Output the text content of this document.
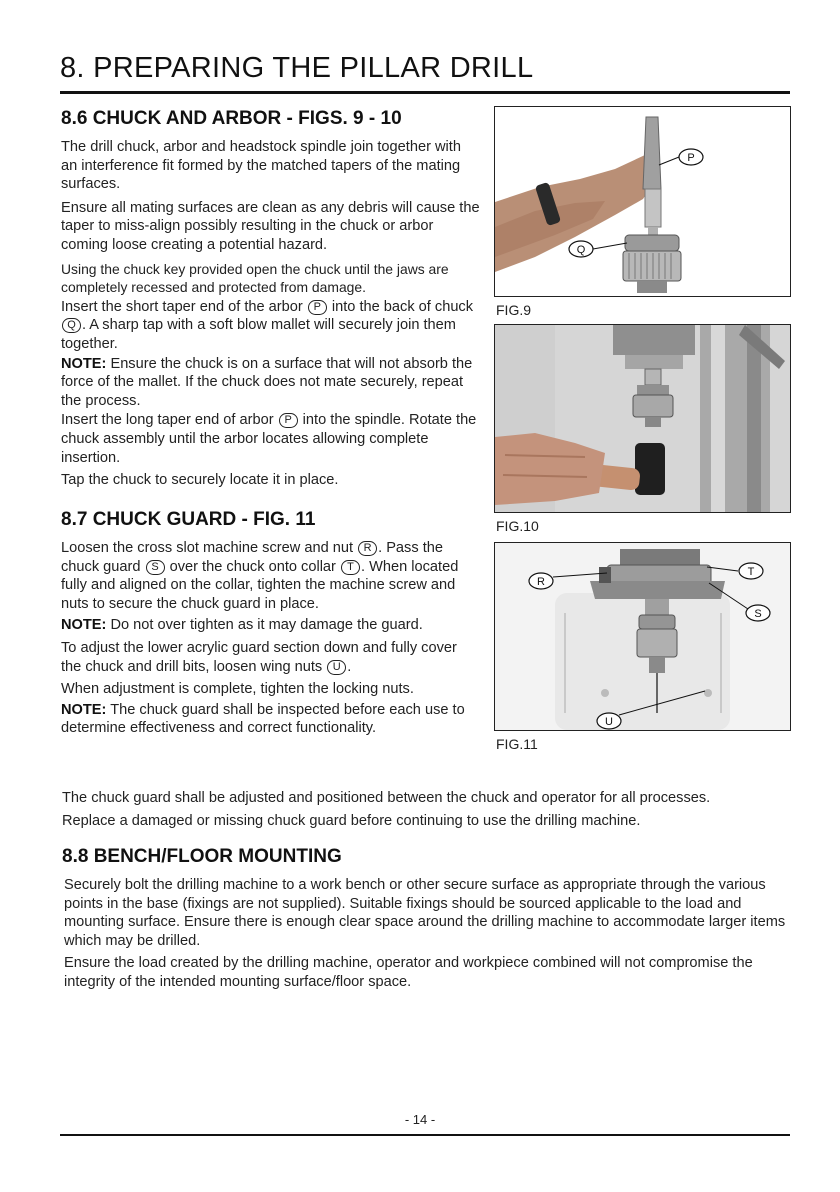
8. PREPARING THE PILLAR DRILL
8.6 CHUCK AND ARBOR - FIGS. 9 - 10
The drill chuck, arbor and headstock spindle join together with an interference fit formed by the matched tapers of the mating surfaces.
Ensure all mating surfaces are clean as any debris will cause the taper to miss-align possibly resulting in the chuck or arbor coming loose creating a potential hazard.
Using the chuck key provided open the chuck until the jaws are completely recessed and protected from damage.
Insert the short taper end of the arbor P into the back of chuck Q . A sharp tap with a soft blow mallet will securely join them together.
NOTE: Ensure the chuck is on a surface that will not absorb the force of the mallet. If the chuck does not mate securely, repeat the process.
Insert the long taper end of arbor P into the spindle. Rotate the chuck assembly until the arbor locates allowing complete insertion.
Tap the chuck to securely locate it in place.
8.7 CHUCK GUARD - FIG. 11
Loosen the cross slot machine screw and nut R . Pass the chuck guard S over the chuck onto collar T . When located fully and aligned on the collar, tighten the machine screw and nuts to secure the chuck guard in place.
NOTE: Do not over tighten as it may damage the guard.
To adjust the lower acrylic guard section down and fully cover the chuck and drill bits, loosen wing nuts U .
When adjustment is complete, tighten the locking nuts.
NOTE: The chuck guard shall be inspected before each use to determine effectiveness and correct functionality.
The chuck guard shall be adjusted and positioned between the chuck and operator for all processes.
Replace a damaged or missing chuck guard before continuing to use the drilling machine.
8.8 BENCH/FLOOR MOUNTING
Securely bolt the drilling machine to a work bench or other secure surface as appropriate through the various points in the base (fixings are not supplied). Suitable fixings should be sourced applicable to the load and mounting surface. Ensure there is enough clear space around the drilling machine to accommodate larger items which may be drilled.
Ensure the load created by the drilling machine, operator and workpiece combined will not compromise the integrity of the intended mounting surface/floor space.
P
Q
FIG.9
FIG.10
T
R
S
U
FIG.11
- 14 -
